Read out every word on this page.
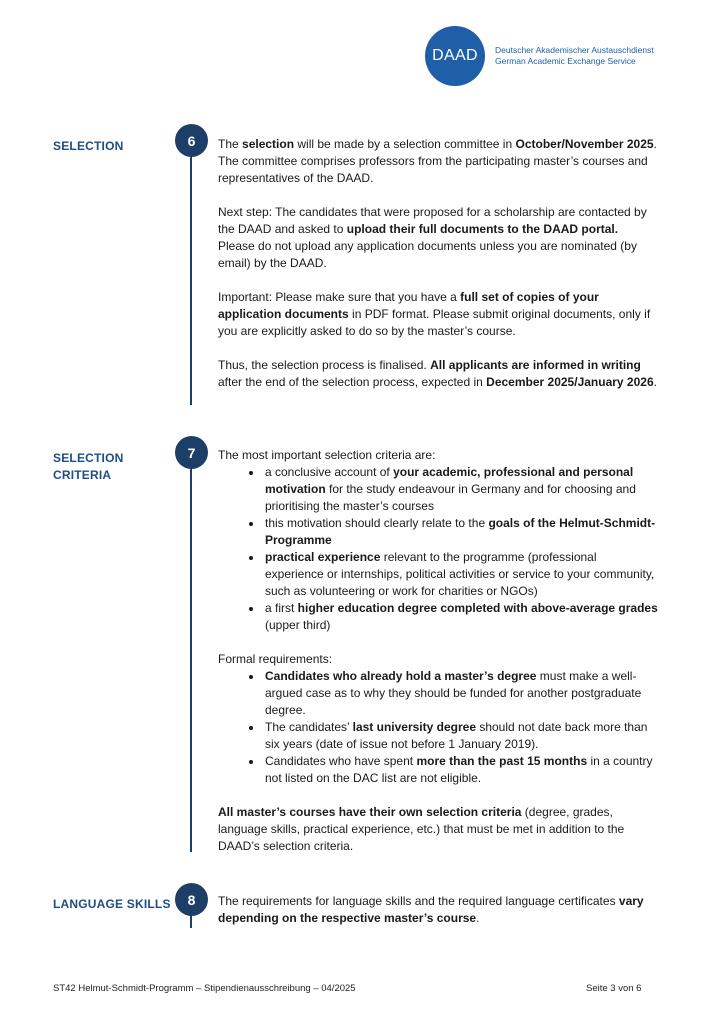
DAAD	Deutscher Akademischer Austauschdienst
German Academic Exchange Service
SELECTION	6	The selection will be made by a selection committee in October/November 2025. The committee comprises professors from the participating master’s courses and representatives of the DAAD.

Next step: The candidates that were proposed for a scholarship are contacted by the DAAD and asked to upload their full documents to the DAAD portal. Please do not upload any application documents unless you are nominated (by email) by the DAAD.

Important: Please make sure that you have a full set of copies of your application documents in PDF format. Please submit original documents, only if you are explicitly asked to do so by the master’s course.

Thus, the selection process is finalised. All applicants are informed in writing after the end of the selection process, expected in December 2025/January 2026.

SELECTION
CRITERIA
7	The most important selection criteria are:

• a conclusive account of your academic, professional and personal motivation for the study endeavour in Germany and for choosing and prioritising the master’s courses
• this motivation should clearly relate to the goals of the Helmut-Schmidt-Programme
• practical experience relevant to the programme (professional experience or internships, political activities or service to your community, such as volunteering or work for charities or NGOs)
• a first higher education degree completed with above-average grades (upper third)

Formal requirements:

• Candidates who already hold a master’s degree must make a well-argued case as to why they should be funded for another postgraduate degree.
• The candidates’ last university degree should not date back more than six years (date of issue not before 1 January 2019).
• Candidates who have spent more than the past 15 months in a country not listed on the DAC list are not eligible.

All master’s courses have their own selection criteria (degree, grades, language skills, practical experience, etc.) that must be met in addition to the DAAD’s selection criteria.

LANGUAGE SKILLS	8	The requirements for language skills and the required language certificates vary depending on the respective master’s course.

ST42 Helmut-Schmidt-Programm – Stipendienausschreibung – 04/2025	Seite 3 von 6
